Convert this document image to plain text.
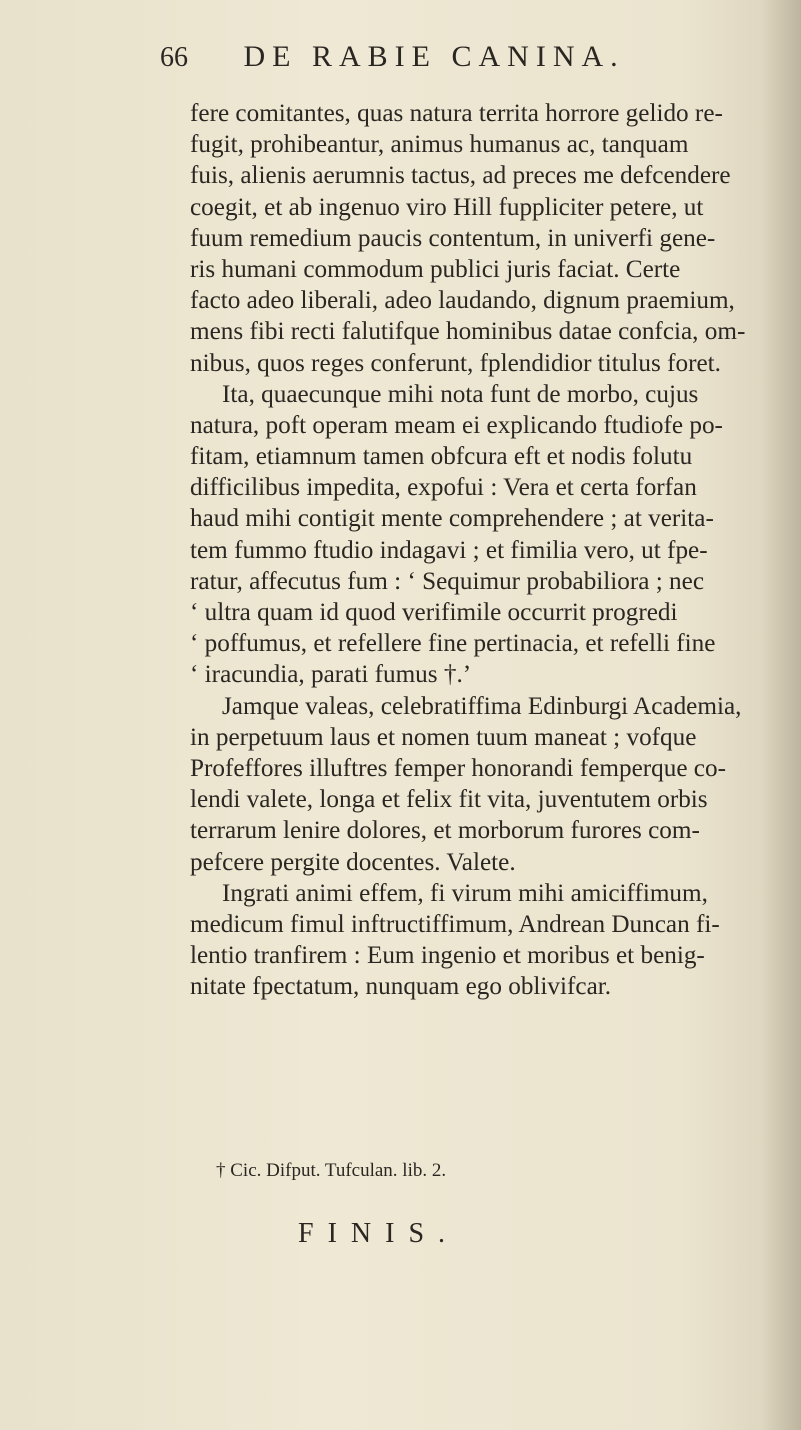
66 DE RABIE CANINA.
fere comitantes, quas natura territa horrore gelido re-
fugit, prohibeantur, animus humanus ac, tanquam
fuis, alienis aerumnis tactus, ad preces me defcendere
coegit, et ab ingenuo viro Hill fuppliciter petere, ut
fuum remedium paucis contentum, in univerfi gene-
ris humani commodum publici juris faciat. Certe
facto adeo liberali, adeo laudando, dignum praemium,
mens fibi recti falutifque hominibus datae confcia, om-
nibus, quos reges conferunt, fplendidior titulus foret.
Ita, quaecunque mihi nota funt de morbo, cujus
natura, poft operam meam ei explicando ftudiofe po-
fitam, etiamnum tamen obfcura eft et nodis folutu
difficilibus impedita, expofui : Vera et certa forfan
haud mihi contigit mente comprehendere ; at verita-
tem fummo ftudio indagavi ; et fimilia vero, ut fpe-
ratur, affecutus fum : ‘ Sequimur probabiliora ; nec
‘ ultra quam id quod verifimile occurrit progredi
‘ poffumus, et refellere fine pertinacia, et refelli fine
‘ iracundia, parati fumus †.’
Jamque valeas, celebratiffima Edinburgi Academia,
in perpetuum laus et nomen tuum maneat ; vofque
Profeffores illuftres femper honorandi femperque co-
lendi valete, longa et felix fit vita, juventutem orbis
terrarum lenire dolores, et morborum furores com-
pefcere pergite docentes. Valete.
Ingrati animi effem, fi virum mihi amiciffimum,
medicum fimul inftructiffimum, Andrean Duncan fi-
lentio tranfirem : Eum ingenio et moribus et benig-
nitate fpectatum, nunquam ego oblivifcar.
† Cic. Difput. Tufculan. lib. 2.
FINIS.
